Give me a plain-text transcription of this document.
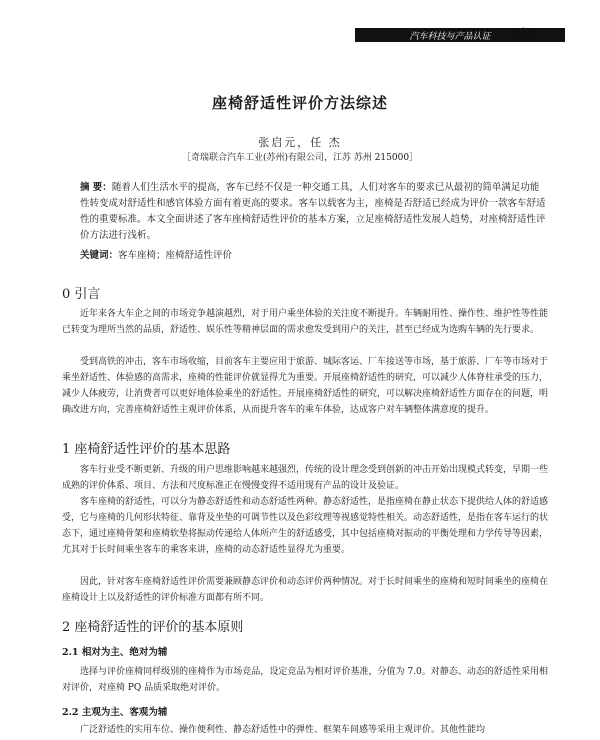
汽车科技与产品认证 · 219 ·
座椅舒适性评价方法综述
张启元，任 杰
［奇瑞联合汽车工业(苏州)有限公司，江苏 苏州 215000］
摘 要：随着人们生活水平的提高，客车已经不仅是一种交通工具，人们对客车的要求已从最初的简单满足功能性转变成对舒适性和感官体验方面有着更高的要求。客车以载客为主，座椅是否舒适已经成为评价一款客车舒适性的重要标准。本文全面讲述了客车座椅舒适性评价的基本方案，立足座椅舒适性发展人趋势，对座椅舒适性评价方法进行浅析。
关键词：客车座椅；座椅舒适性评价
0 引言
近年来各大车企之间的市场竞争越演越烈，对于用户乘坐体验的关注度不断提升。车辆耐用性、操作性、维护性等性能已转变为理所当然的品质，舒适性、娱乐性等精神层面的需求愈发受到用户的关注，甚至已经成为选购车辆的先行要求。
受到高铁的冲击，客车市场收缩，目前客车主要应用于旅游、城际客运、厂车接送等市场，基于旅游、厂车等市场对于乘坐舒适性、体验感的高需求，座椅的性能评价就显得尤为重要。开展座椅舒适性的研究，可以减少人体脊柱承受的压力，减少人体疲劳，让消费者可以更好地体验乘坐的舒适性。开展座椅舒适性的研究，可以解决座椅舒适性方面存在的问题，明确改进方向，完善座椅舒适性主观评价体系，从而提升客车的乘车体验，达成客户对车辆整体满意度的提升。
1 座椅舒适性评价的基本思路
客车行业受不断更新、升级的用户思维影响越来越强烈，传统的设计理念受到创新的冲击开始出现模式转变，早期一些成熟的评价体系、项目、方法和尺度标准正在慢慢变得不适用现有产品的设计及验证。
客车座椅的舒适性，可以分为静态舒适性和动态舒适性两种。静态舒适性，是指座椅在静止状态下提供给人体的舒适感受，它与座椅的几何形状特征、靠背及坐垫的可调节性以及色彩纹理等视感觉特性相关。动态舒适性，是指在客车运行的状态下，通过座椅骨架和座椅软垫将振动传递给人体所产生的舒适感受，其中包括座椅对振动的平衡处理和力学传导等因素，尤其对于长时间乘坐客车的乘客来讲，座椅的动态舒适性显得尤为重要。
因此，针对客车座椅舒适性评价需要兼顾静态评价和动态评价两种情况。对于长时间乘坐的座椅和短时间乘坐的座椅在座椅设计上以及舒适性的评价标准方面都有所不同。
2 座椅舒适性的评价的基本原则
2.1 相对为主、绝对为辅
选择与评价座椅同样级别的座椅作为市场竞品，设定竞品为相对评价基准，分值为 7.0。对静态、动态的舒适性采用相对评价，对座椅 PQ 品质采取绝对评价。
2.2 主观为主、客观为辅
广泛舒适性的实用车位、操作便利性、静态舒适性中的弹性、框架车间感等采用主观评价。其他性能均
